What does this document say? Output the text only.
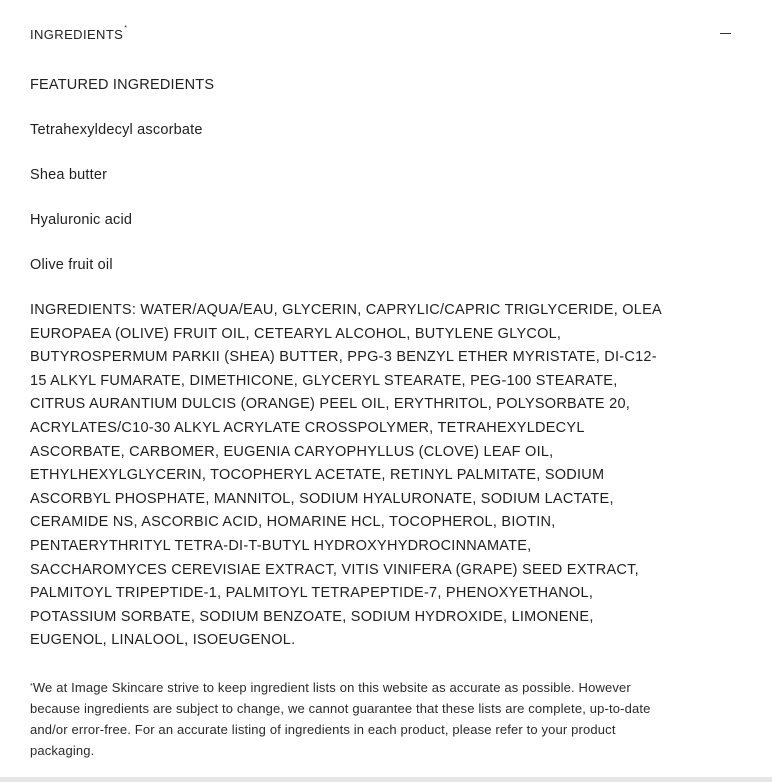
INGREDIENTS*

FEATURED INGREDIENTS

Tetrahexyldecyl ascorbate
Shea butter
Hyaluronic acid
Olive fruit oil

INGREDIENTS: WATER/AQUA/EAU, GLYCERIN, CAPRYLIC/CAPRIC TRIGLYCERIDE, OLEA EUROPAEA (OLIVE) FRUIT OIL, CETEARYL ALCOHOL, BUTYLENE GLYCOL, BUTYROSPERMUM PARKII (SHEA) BUTTER, PPG-3 BENZYL ETHER MYRISTATE, DI-C12-15 ALKYL FUMARATE, DIMETHICONE, GLYCERYL STEARATE, PEG-100 STEARATE, CITRUS AURANTIUM DULCIS (ORANGE) PEEL OIL, ERYTHRITOL, POLYSORBATE 20, ACRYLATES/C10-30 ALKYL ACRYLATE CROSSPOLYMER, TETRAHEXYLDECYL ASCORBATE, CARBOMER, EUGENIA CARYOPHYLLUS (CLOVE) LEAF OIL, ETHYLHEXYLGLYCERIN, TOCOPHERYL ACETATE, RETINYL PALMITATE, SODIUM ASCORBYL PHOSPHATE, MANNITOL, SODIUM HYALURONATE, SODIUM LACTATE, CERAMIDE NS, ASCORBIC ACID, HOMARINE HCL, TOCOPHEROL, BIOTIN, PENTAERYTHRITYL TETRA-DI-T-BUTYL HYDROXYHYDROCINNAMATE, SACCHAROMYCES CEREVISIAE EXTRACT, VITIS VINIFERA (GRAPE) SEED EXTRACT, PALMITOYL TRIPEPTIDE-1, PALMITOYL TETRAPEPTIDE-7, PHENOXYETHANOL, POTASSIUM SORBATE, SODIUM BENZOATE, SODIUM HYDROXIDE, LIMONENE, EUGENOL, LINALOOL, ISOEUGENOL.

*We at Image Skincare strive to keep ingredient lists on this website as accurate as possible. However because ingredients are subject to change, we cannot guarantee that these lists are complete, up-to-date and/or error-free. For an accurate listing of ingredients in each product, please refer to your product packaging.
